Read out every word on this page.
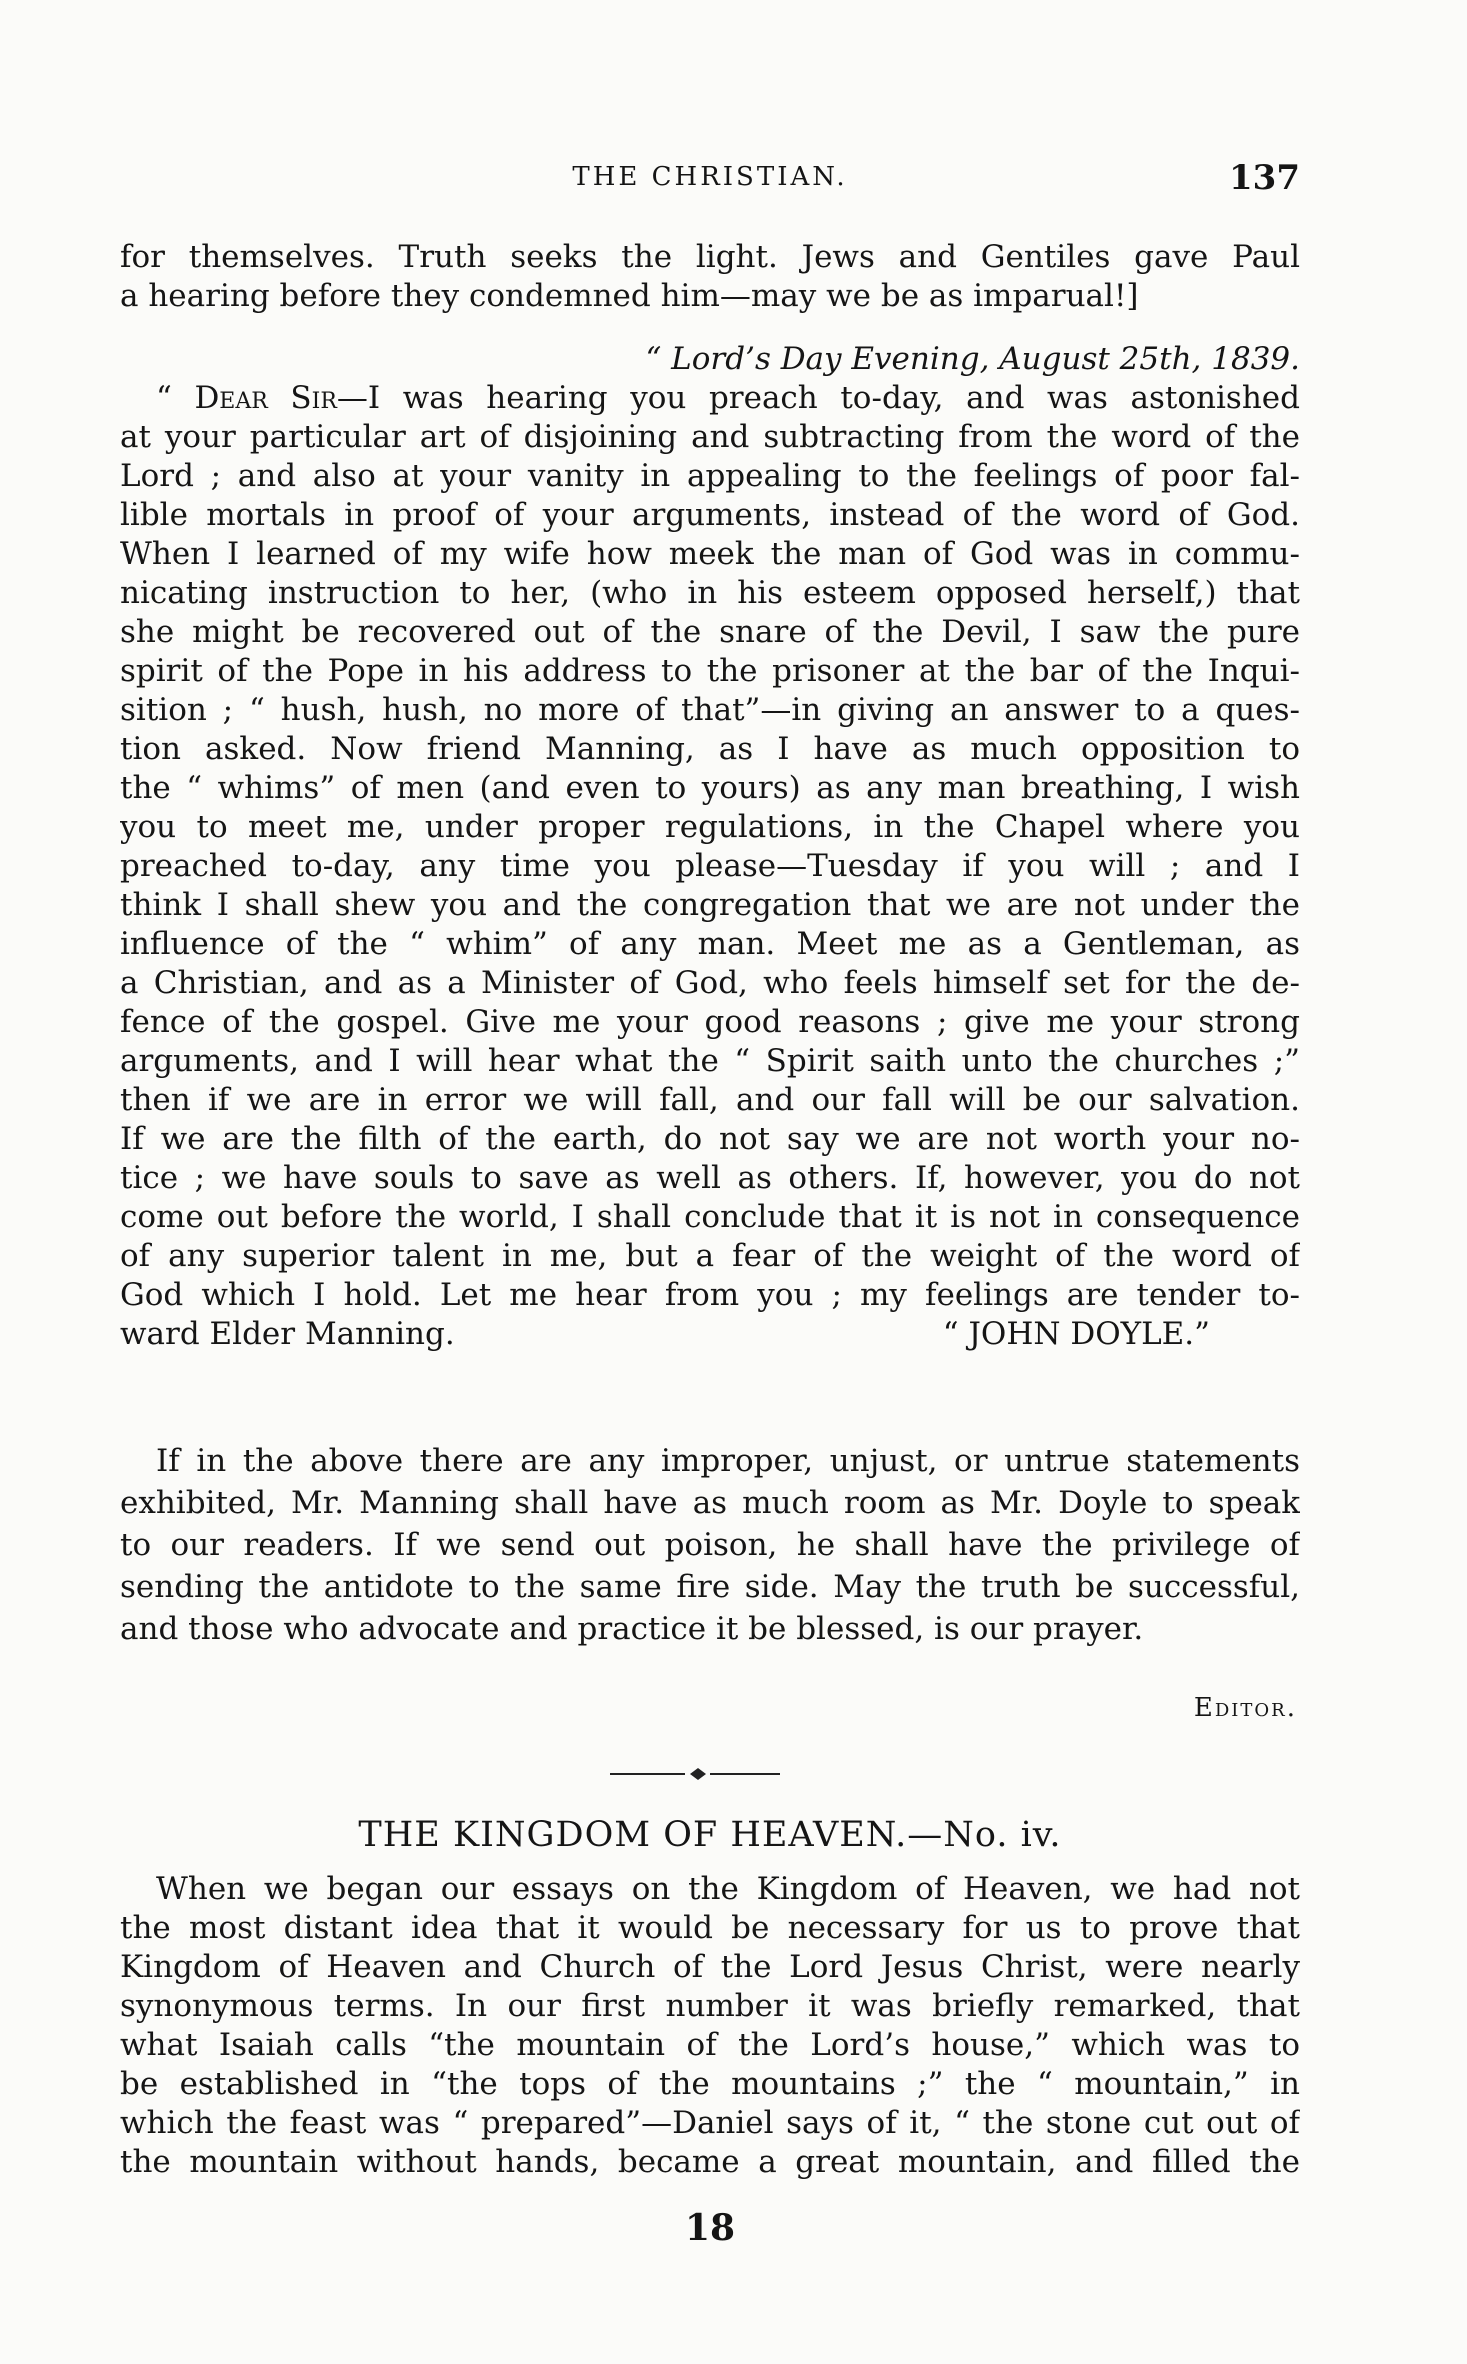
THE CHRISTIAN.	137
for themselves. Truth seeks the light. Jews and Gentiles gave Paul
a hearing before they condemned him—may we be as imparual!]
“ Lord’s Day Evening, August 25th, 1839.
“ Dear Sir—I was hearing you preach to-day, and was astonished
at your particular art of disjoining and subtracting from the word of the
Lord ; and also at your vanity in appealing to the feelings of poor fal-
lible mortals in proof of your arguments, instead of the word of God.
When I learned of my wife how meek the man of God was in commu-
nicating instruction to her, (who in his esteem opposed herself,) that
she might be recovered out of the snare of the Devil, I saw the pure
spirit of the Pope in his address to the prisoner at the bar of the Inqui-
sition ; “ hush, hush, no more of that”—in giving an answer to a ques-
tion asked. Now friend Manning, as I have as much opposition to
the “ whims” of men (and even to yours) as any man breathing, I wish
you to meet me, under proper regulations, in the Chapel where you
preached to-day, any time you please—Tuesday if you will ; and I
think I shall shew you and the congregation that we are not under the
influence of the “ whim” of any man. Meet me as a Gentleman, as
a Christian, and as a Minister of God, who feels himself set for the de-
fence of the gospel. Give me your good reasons ; give me your strong
arguments, and I will hear what the “ Spirit saith unto the churches ;”
then if we are in error we will fall, and our fall will be our salvation.
If we are the filth of the earth, do not say we are not worth your no-
tice ; we have souls to save as well as others. If, however, you do not
come out before the world, I shall conclude that it is not in consequence
of any superior talent in me, but a fear of the weight of the word of
God which I hold. Let me hear from you ; my feelings are tender to-
ward Elder Manning.	“ JOHN DOYLE.”
If in the above there are any improper, unjust, or untrue statements
exhibited, Mr. Manning shall have as much room as Mr. Doyle to speak
to our readers. If we send out poison, he shall have the privilege of
sending the antidote to the same fire side. May the truth be successful,
and those who advocate and practice it be blessed, is our prayer.
Editor.
THE KINGDOM OF HEAVEN.—No. iv.
When we began our essays on the Kingdom of Heaven, we had not
the most distant idea that it would be necessary for us to prove that
Kingdom of Heaven and Church of the Lord Jesus Christ, were nearly
synonymous terms. In our first number it was briefly remarked, that
what Isaiah calls “the mountain of the Lord’s house,” which was to
be established in “the tops of the mountains ;” the “ mountain,” in
which the feast was “ prepared”—Daniel says of it, “ the stone cut out of
the mountain without hands, became a great mountain, and filled the
18
